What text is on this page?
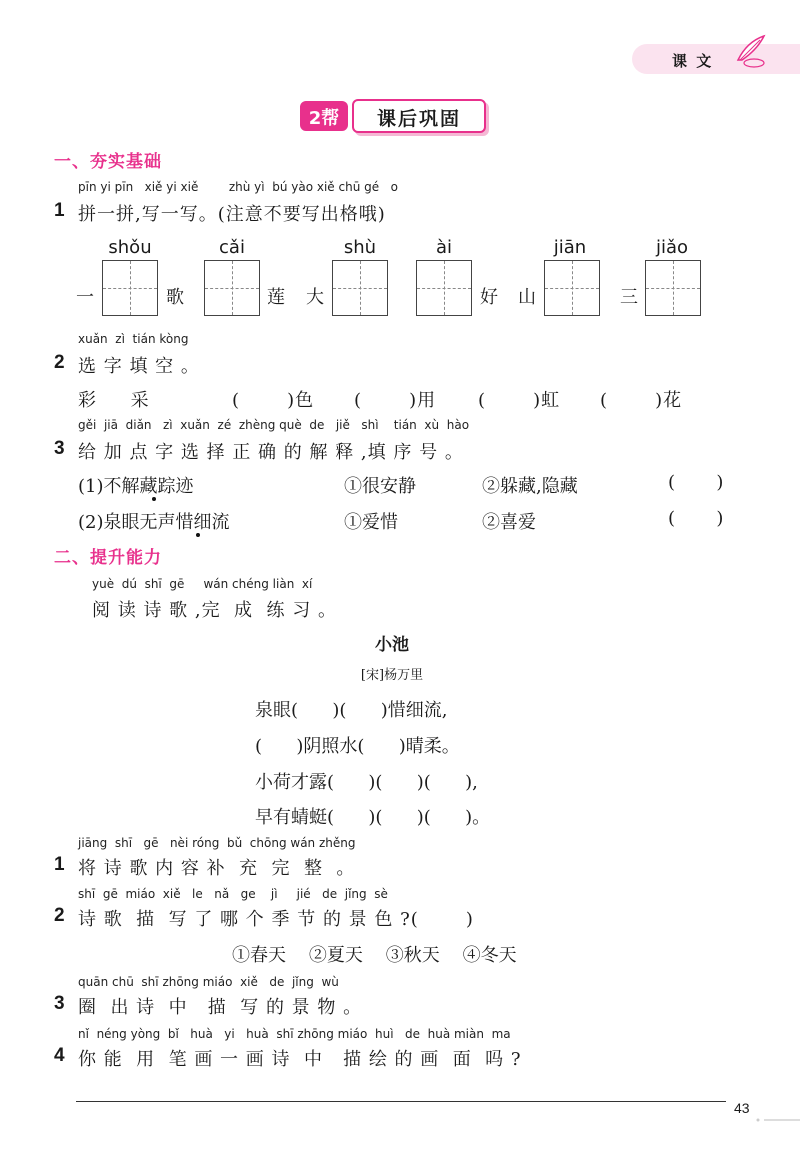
课 文
2帮	课后巩固
一、夯实基础
pīn yi pīn   xiě yi xiě        zhù yì  bú yào xiě chū gé   o
1 拼一拼,写一写。(注意不要写出格哦)
shǒu
一	歌
cǎi
莲
shù
大
ài
好
jiān
山
jiǎo
三
xuǎn  zì  tián kòng
2 选 字 填 空 。
彩     采	(       )色 (       )用 (       )虹 (       )花
gěi  jiā  diǎn   zì  xuǎn  zé  zhèng què  de   jiě   shì    tián  xù  hào
3 给 加 点 字 选 择 正 确 的 解 释 ,填 序 号 。
(1)不解藏踪迹	①很安静	②躲藏,隐藏	(      )
(2)泉眼无声惜细流	①爱惜	②喜爱	(      )
二、提升能力
yuè  dú  shī  gē     wán chéng liàn  xí
阅 读 诗 歌 ,完  成  练 习 。
小池
[宋]杨万里
泉眼(      )(      )惜细流,
(      )阴照水(      )晴柔。
小荷才露(      )(      )(      ),
早有蜻蜓(      )(      )(      )。
jiāng  shī   gē   nèi róng  bǔ  chōng wán zhěng
1 将 诗 歌 内 容 补  充  完  整  。
shī  gē  miáo  xiě   le   nǎ   ge    jì     jié   de  jǐng  sè
2 诗 歌  描  写 了 哪 个 季 节 的 景 色 ?(       )
①春天    ②夏天    ③秋天    ④冬天
quān chū  shī zhōng miáo  xiě   de  jǐng  wù
3 圈  出 诗  中   描  写 的 景 物 。
nǐ  néng yòng  bǐ   huà   yi   huà  shī zhōng miáo  huì   de  huà miàn  ma
4 你 能  用  笔 画 一 画 诗  中   描 绘 的 画  面  吗 ?
43
